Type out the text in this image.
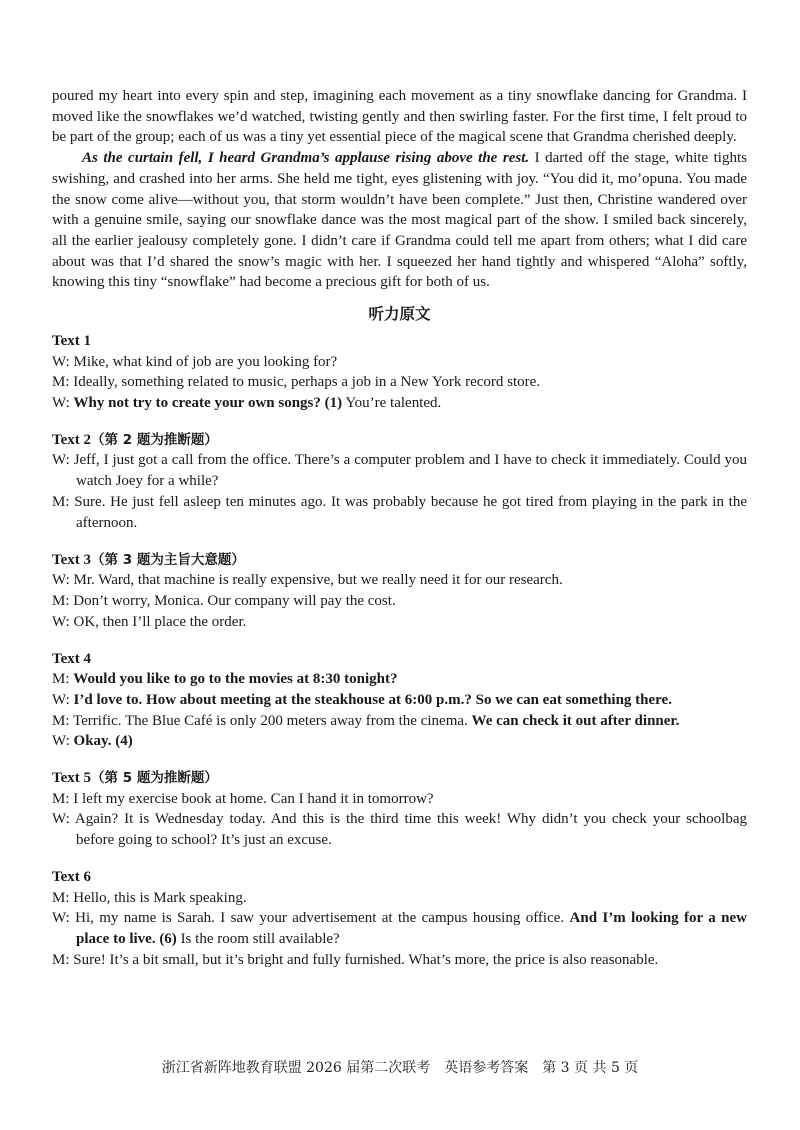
poured my heart into every spin and step, imagining each movement as a tiny snowflake dancing for Grandma. I moved like the snowflakes we’d watched, twisting gently and then swirling faster. For the first time, I felt proud to be part of the group; each of us was a tiny yet essential piece of the magical scene that Grandma cherished deeply.

As the curtain fell, I heard Grandma’s applause rising above the rest. I darted off the stage, white tights swishing, and crashed into her arms. She held me tight, eyes glistening with joy. “You did it, mo’opuna. You made the snow come alive—without you, that storm wouldn’t have been complete.” Just then, Christine wandered over with a genuine smile, saying our snowflake dance was the most magical part of the show. I smiled back sincerely, all the earlier jealousy completely gone. I didn’t care if Grandma could tell me apart from others; what I did care about was that I’d shared the snow’s magic with her. I squeezed her hand tightly and whispered “Aloha” softly, knowing this tiny “snowflake” had become a precious gift for both of us.

听力原文

Text 1

W: Mike, what kind of job are you looking for?

M: Ideally, something related to music, perhaps a job in a New York record store.

W: Why not try to create your own songs? (1) You’re talented.

Text 2（第 2 题为推断题）

W: Jeff, I just got a call from the office. There’s a computer problem and I have to check it immediately. Could you watch Joey for a while?

M: Sure. He just fell asleep ten minutes ago. It was probably because he got tired from playing in the park in the afternoon.

Text 3（第 3 题为主旨大意题）

W: Mr. Ward, that machine is really expensive, but we really need it for our research.

M: Don’t worry, Monica. Our company will pay the cost.

W: OK, then I’ll place the order.

Text 4

M: Would you like to go to the movies at 8:30 tonight?

W: I’d love to. How about meeting at the steakhouse at 6:00 p.m.? So we can eat something there.

M: Terrific. The Blue Café is only 200 meters away from the cinema. We can check it out after dinner.

W: Okay. (4)

Text 5（第 5 题为推断题）

M: I left my exercise book at home. Can I hand it in tomorrow?

W: Again? It is Wednesday today. And this is the third time this week! Why didn’t you check your schoolbag before going to school? It’s just an excuse.

Text 6

M: Hello, this is Mark speaking.

W: Hi, my name is Sarah. I saw your advertisement at the campus housing office. And I’m looking for a new place to live. (6) Is the room still available?

M: Sure! It’s a bit small, but it’s bright and fully furnished. What’s more, the price is also reasonable.

浙江省新阵地教育联盟 2026 届第二次联考　英语参考答案　第 3 页 共 5 页
